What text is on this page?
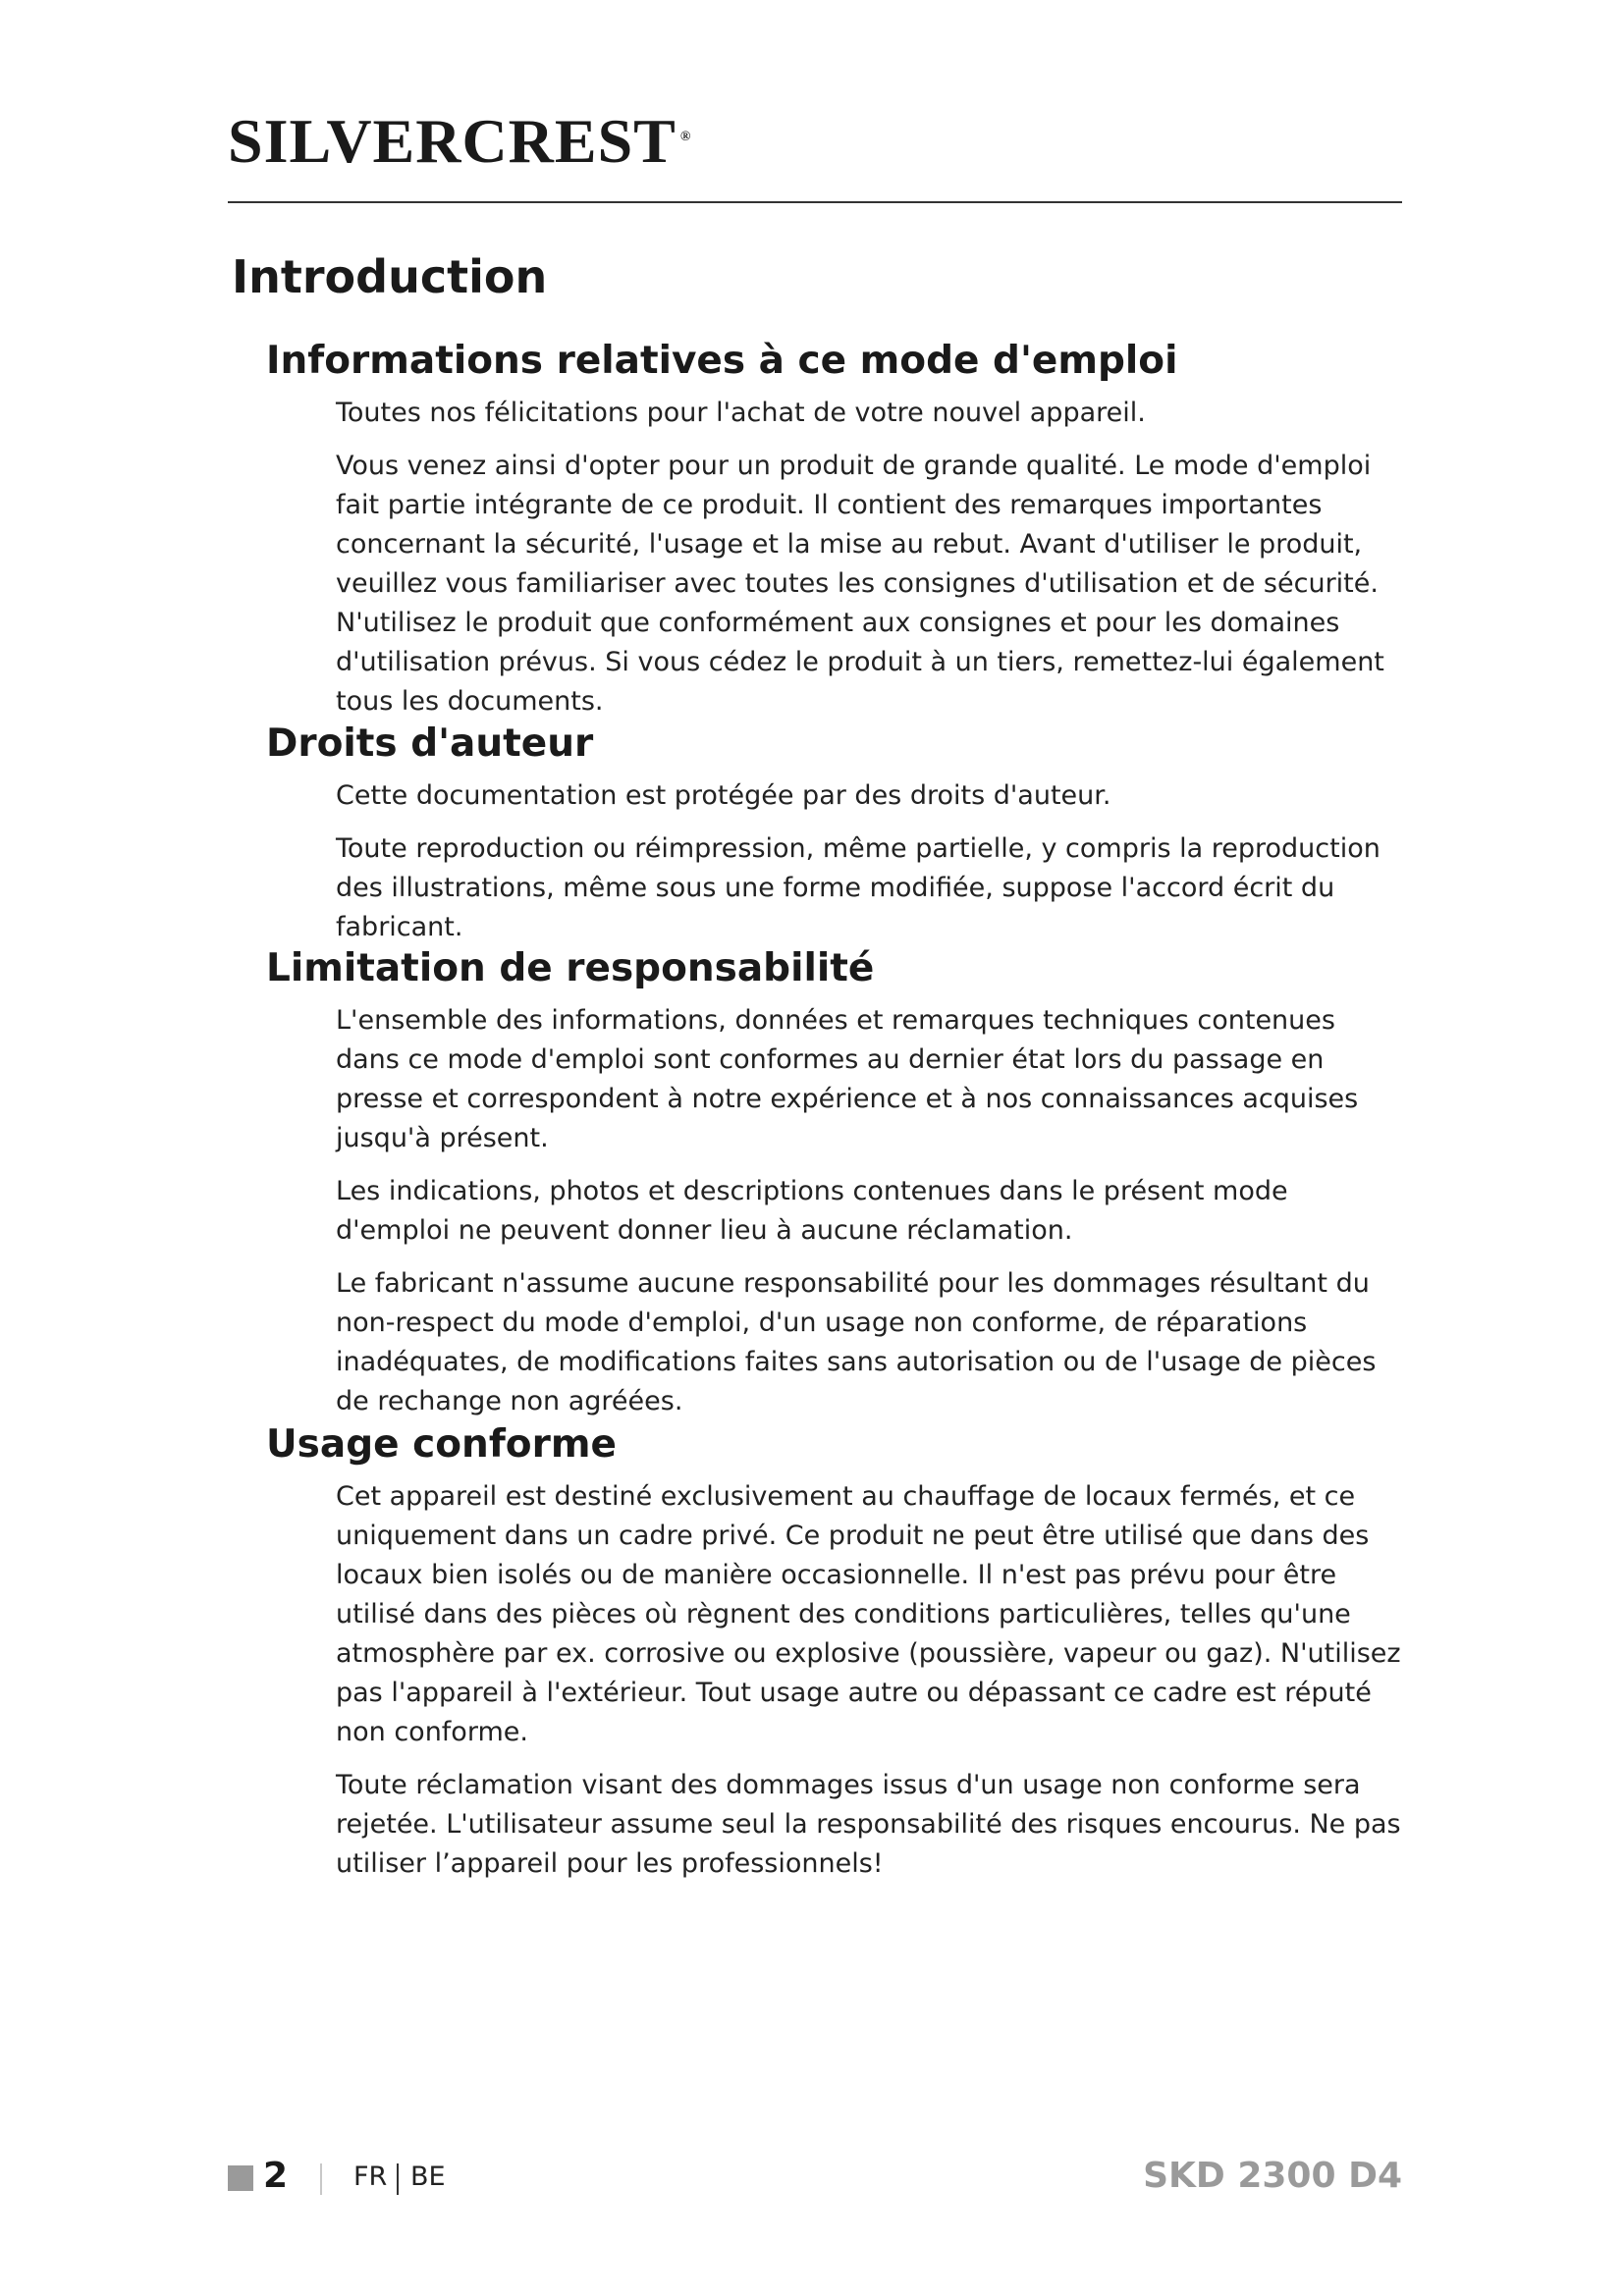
SILVERCREST ®
Introduction
Informations relatives à ce mode d'emploi

Toutes nos félicitations pour l'achat de votre nouvel appareil.

Vous venez ainsi d'opter pour un produit de grande qualité. Le mode d'emploi fait partie intégrante de ce produit. Il contient des remarques importantes concernant la sécurité, l'usage et la mise au rebut. Avant d'utiliser le produit, veuillez vous familiariser avec toutes les consignes d'utilisation et de sécurité. N'utilisez le produit que conformément aux consignes et pour les domaines d'utilisation prévus. Si vous cédez le produit à un tiers, remettez-lui également tous les documents.

Droits d'auteur

Cette documentation est protégée par des droits d'auteur.

Toute reproduction ou réimpression, même partielle, y compris la reproduction des illustrations, même sous une forme modifiée, suppose l'accord écrit du fabricant.

Limitation de responsabilité

L'ensemble des informations, données et remarques techniques contenues dans ce mode d'emploi sont conformes au dernier état lors du passage en presse et correspondent à notre expérience et à nos connaissances acquises jusqu'à présent.

Les indications, photos et descriptions contenues dans le présent mode d'emploi ne peuvent donner lieu à aucune réclamation.

Le fabricant n'assume aucune responsabilité pour les dommages résultant du non-respect du mode d'emploi, d'un usage non conforme, de réparations inadéquates, de modifications faites sans autorisation ou de l'usage de pièces de rechange non agréées.

Usage conforme

Cet appareil est destiné exclusivement au chauffage de locaux fermés, et ce uniquement dans un cadre privé. Ce produit ne peut être utilisé que dans des locaux bien isolés ou de manière occasionnelle. Il n'est pas prévu pour être utilisé dans des pièces où règnent des conditions particulières, telles qu'une atmosphère par ex. corrosive ou explosive (poussière, vapeur ou gaz). N'utilisez pas l'appareil à l'extérieur. Tout usage autre ou dépassant ce cadre est réputé non conforme.

Toute réclamation visant des dommages issus d'un usage non conforme sera rejetée. L'utilisateur assume seul la responsabilité des risques encourus. Ne pas utiliser l’appareil pour les professionnels!

2 FR BE	SKD 2300 D4
